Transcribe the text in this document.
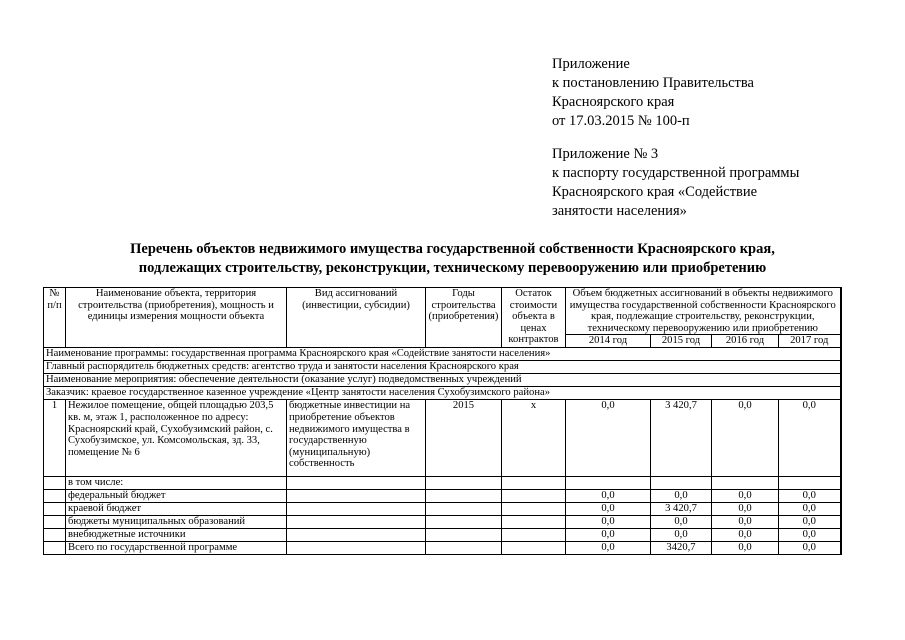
Приложение
к постановлению Правительства
Красноярского края
от 17.03.2015 № 100-п
Приложение № 3
к паспорту государственной программы
Красноярского края «Содействие
занятости населения»
Перечень объектов недвижимого имущества государственной собственности Красноярского края,
подлежащих строительству, реконструкции, техническому перевооружению или приобретению
№ п/п	Наименование объекта, территория строительства (приобретения), мощность и единицы измерения мощности объекта	Вид ассигнований (инвестиции, субсидии)	Годы строительства (приобретения)	Остаток стоимости объекта в ценах контрактов	Объем бюджетных ассигнований в объекты недвижимого имущества государственной собственности Красноярского края, подлежащие строительству, реконструкции, техническому перевооружению или приобретению			
					2014 год	2015 год	2016 год	2017 год
Наименование программы: государственная программа Красноярского края «Содействие занятости населения»								
Главный распорядитель бюджетных средств: агентство труда и занятости населения Красноярского края								
Наименование мероприятия: обеспечение деятельности (оказание услуг) подведомственных учреждений								
Заказчик: краевое государственное казенное учреждение «Центр занятости населения Сухобузимского района»								
1	Нежилое помещение, общей площадью 203,5 кв. м, этаж 1, расположенное по адресу: Красноярский край, Сухобузимский район, с. Сухобузимское, ул. Комсомольская, зд. 33, помещение № 6	бюджетные инвестиции на приобретение объектов недвижимого имущества в государственную (муниципальную) собственность	2015	х	0,0	3 420,7	0,0	0,0
	в том числе:							
	федеральный бюджет				0,0	0,0	0,0	0,0
	краевой бюджет				0,0	3 420,7	0,0	0,0
	бюджеты муниципальных образований				0,0	0,0	0,0	0,0
	внебюджетные источники				0,0	0,0	0,0	0,0
	Всего по государственной программе				0,0	3420,7	0,0	0,0
